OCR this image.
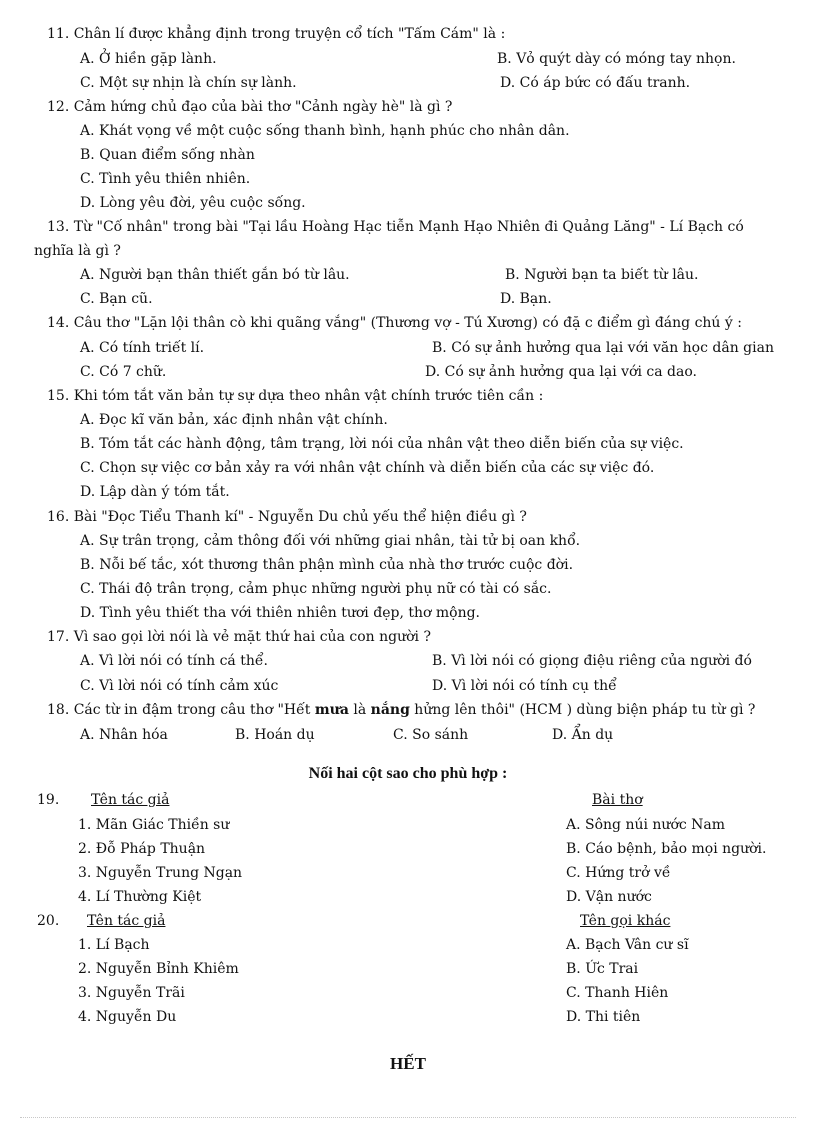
11. Chân lí được khẳng định trong truyện cổ tích "Tấm Cám" là :
A. Ở hiền gặp lành.	B. Vỏ quýt dày có móng tay nhọn.
C. Một sự nhịn là chín sự lành.	D. Có áp bức có đấu tranh.
12. Cảm hứng chủ đạo của bài thơ "Cảnh ngày hè" là gì ?
A. Khát vọng về một cuộc sống thanh bình, hạnh phúc cho nhân dân.
B. Quan điểm sống nhàn
C. Tình yêu thiên nhiên.
D. Lòng yêu đời, yêu cuộc sống.
13. Từ "Cố nhân" trong bài "Tại lầu Hoàng Hạc tiễn Mạnh Hạo Nhiên đi Quảng Lăng" - Lí Bạch có
nghĩa là gì ?
A. Người bạn thân thiết gắn bó từ lâu.	B. Người bạn ta biết từ lâu.
C. Bạn cũ.	D. Bạn.
14. Câu thơ "Lặn lội thân cò khi quãng vắng" (Thương vợ - Tú Xương) có đặ c điểm gì đáng chú ý :
A. Có tính triết lí.	B. Có sự ảnh hưởng qua lại với văn học dân gian
C. Có 7 chữ.	D. Có sự ảnh hưởng qua lại với ca dao.
15. Khi tóm tắt văn bản tự sự dựa theo nhân vật chính trước tiên cần :
A. Đọc kĩ văn bản, xác định nhân vật chính.
B. Tóm tắt các hành động, tâm trạng, lời nói của nhân vật theo diễn biến của sự việc.
C. Chọn sự việc cơ bản xảy ra với nhân vật chính và diễn biến của các sự việc đó.
D. Lập dàn ý tóm tắt.
16. Bài "Đọc Tiểu Thanh kí" - Nguyễn Du chủ yếu thể hiện điều gì ?
A. Sự trân trọng, cảm thông đối với những giai nhân, tài tử bị oan khổ.
B. Nỗi bế tắc, xót thương thân phận mình của nhà thơ trước cuộc đời.
C. Thái độ trân trọng, cảm phục những người phụ nữ có tài có sắc.
D. Tình yêu thiết tha với thiên nhiên tươi đẹp, thơ mộng.
17. Vì sao gọi lời nói là vẻ mặt thứ hai của con người ?
A. Vì lời nói có tính cá thể.	B. Vì lời nói có giọng điệu riêng của người đó
C. Vì lời nói có tính cảm xúc	D. Vì lời nói có tính cụ thể
18. Các từ in đậm trong câu thơ "Hết mưa là nắng hửng lên thôi" (HCM ) dùng biện pháp tu từ gì ?
A. Nhân hóa	B. Hoán dụ	C. So sánh	D. Ẩn dụ
Nối hai cột sao cho phù hợp :
19. Tên tác giả	Bài thơ
1. Mãn Giác Thiền sư	A. Sông núi nước Nam
2. Đỗ Pháp Thuận	B. Cáo bệnh, bảo mọi người.
3. Nguyễn Trung Ngạn	C. Hứng trở về
4. Lí Thường Kiệt	D. Vận nước
20. Tên tác giả	Tên gọi khác
1. Lí Bạch	A. Bạch Vân cư sĩ
2. Nguyễn Bỉnh Khiêm	B. Ức Trai
3. Nguyễn Trãi	C. Thanh Hiên
4. Nguyễn Du	D. Thi tiên
HẾT
